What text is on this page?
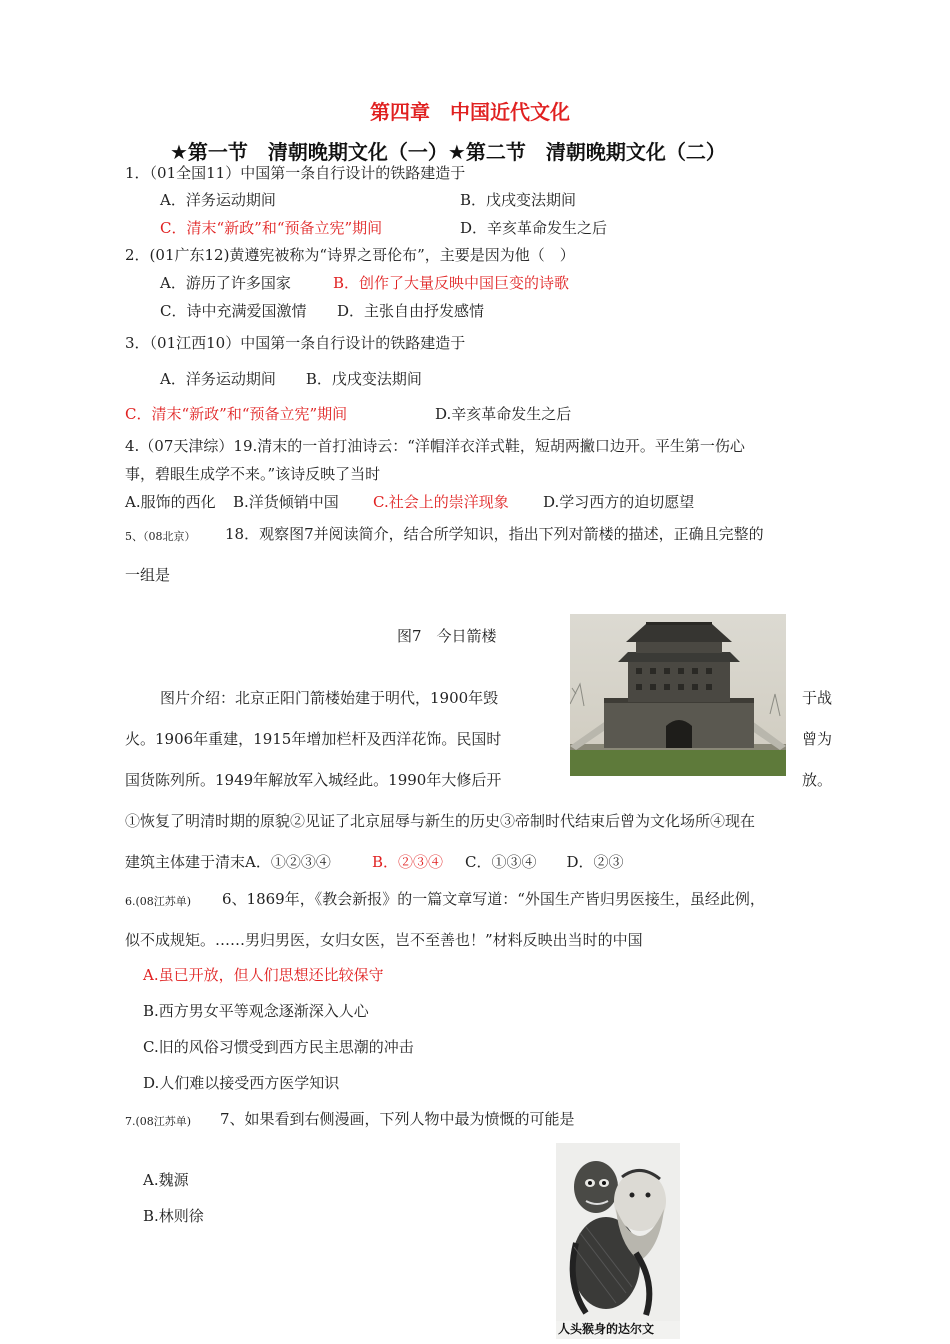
第四章　中国近代文化
★第一节　清朝晚期文化（一）★第二节　清朝晚期文化（二）
1．（01全国11）中国第一条自行设计的铁路建造于
A．洋务运动期间	B．戊戌变法期间
C．清末“新政”和“预备立宪”期间	D．辛亥革命发生之后
2．(01广东12)黄遵宪被称为“诗界之哥伦布”，主要是因为他（　）
A．游历了许多国家	B．创作了大量反映中国巨变的诗歌
C．诗中充满爱国激情 D．主张自由抒发感情
3．（01江西10）中国第一条自行设计的铁路建造于
A．洋务运动期间　　B．戊戌变法期间
C．清末“新政”和“预备立宪”期间	D.辛亥革命发生之后
4.（07天津综）19.清末的一首打油诗云：“洋帽洋衣洋式鞋，短胡两撇口边开。平生第一伤心
事，碧眼生成学不来。”该诗反映了当时
A.服饰的西化 B.洋货倾销中国 C.社会上的崇洋现象 D.学习西方的迫切愿望
5、（08北京） 18．观察图7并阅读简介，结合所学知识，指出下列对箭楼的描述，正确且完整的
一组是
图7　今日箭楼
图片介绍：北京正阳门箭楼始建于明代，1900年毁	于战
火。1906年重建，1915年增加栏杆及西洋花饰。民国时	曾为
国货陈列所。1949年解放军入城经此。1990年大修后开	放。
①恢复了明清时期的原貌②见证了北京屈辱与新生的历史③帝制时代结束后曾为文化场所④现在
建筑主体建于清末A．①②③④	B．②③④ C．①③④　　D．②③
6.(08江苏单) 6、1869年，《教会新报》的一篇文章写道：“外国生产皆归男医接生，虽经此例，
似不成规矩。……男归男医，女归女医，岂不至善也！”材料反映出当时的中国
A.虽已开放，但人们思想还比较保守
B.西方男女平等观念逐渐深入人心
C.旧的风俗习惯受到西方民主思潮的冲击
D.人们难以接受西方医学知识
7.(08江苏单) 7、如果看到右侧漫画，下列人物中最为愤慨的可能是
A.魏源
B.林则徐
人头猴身的达尔文
